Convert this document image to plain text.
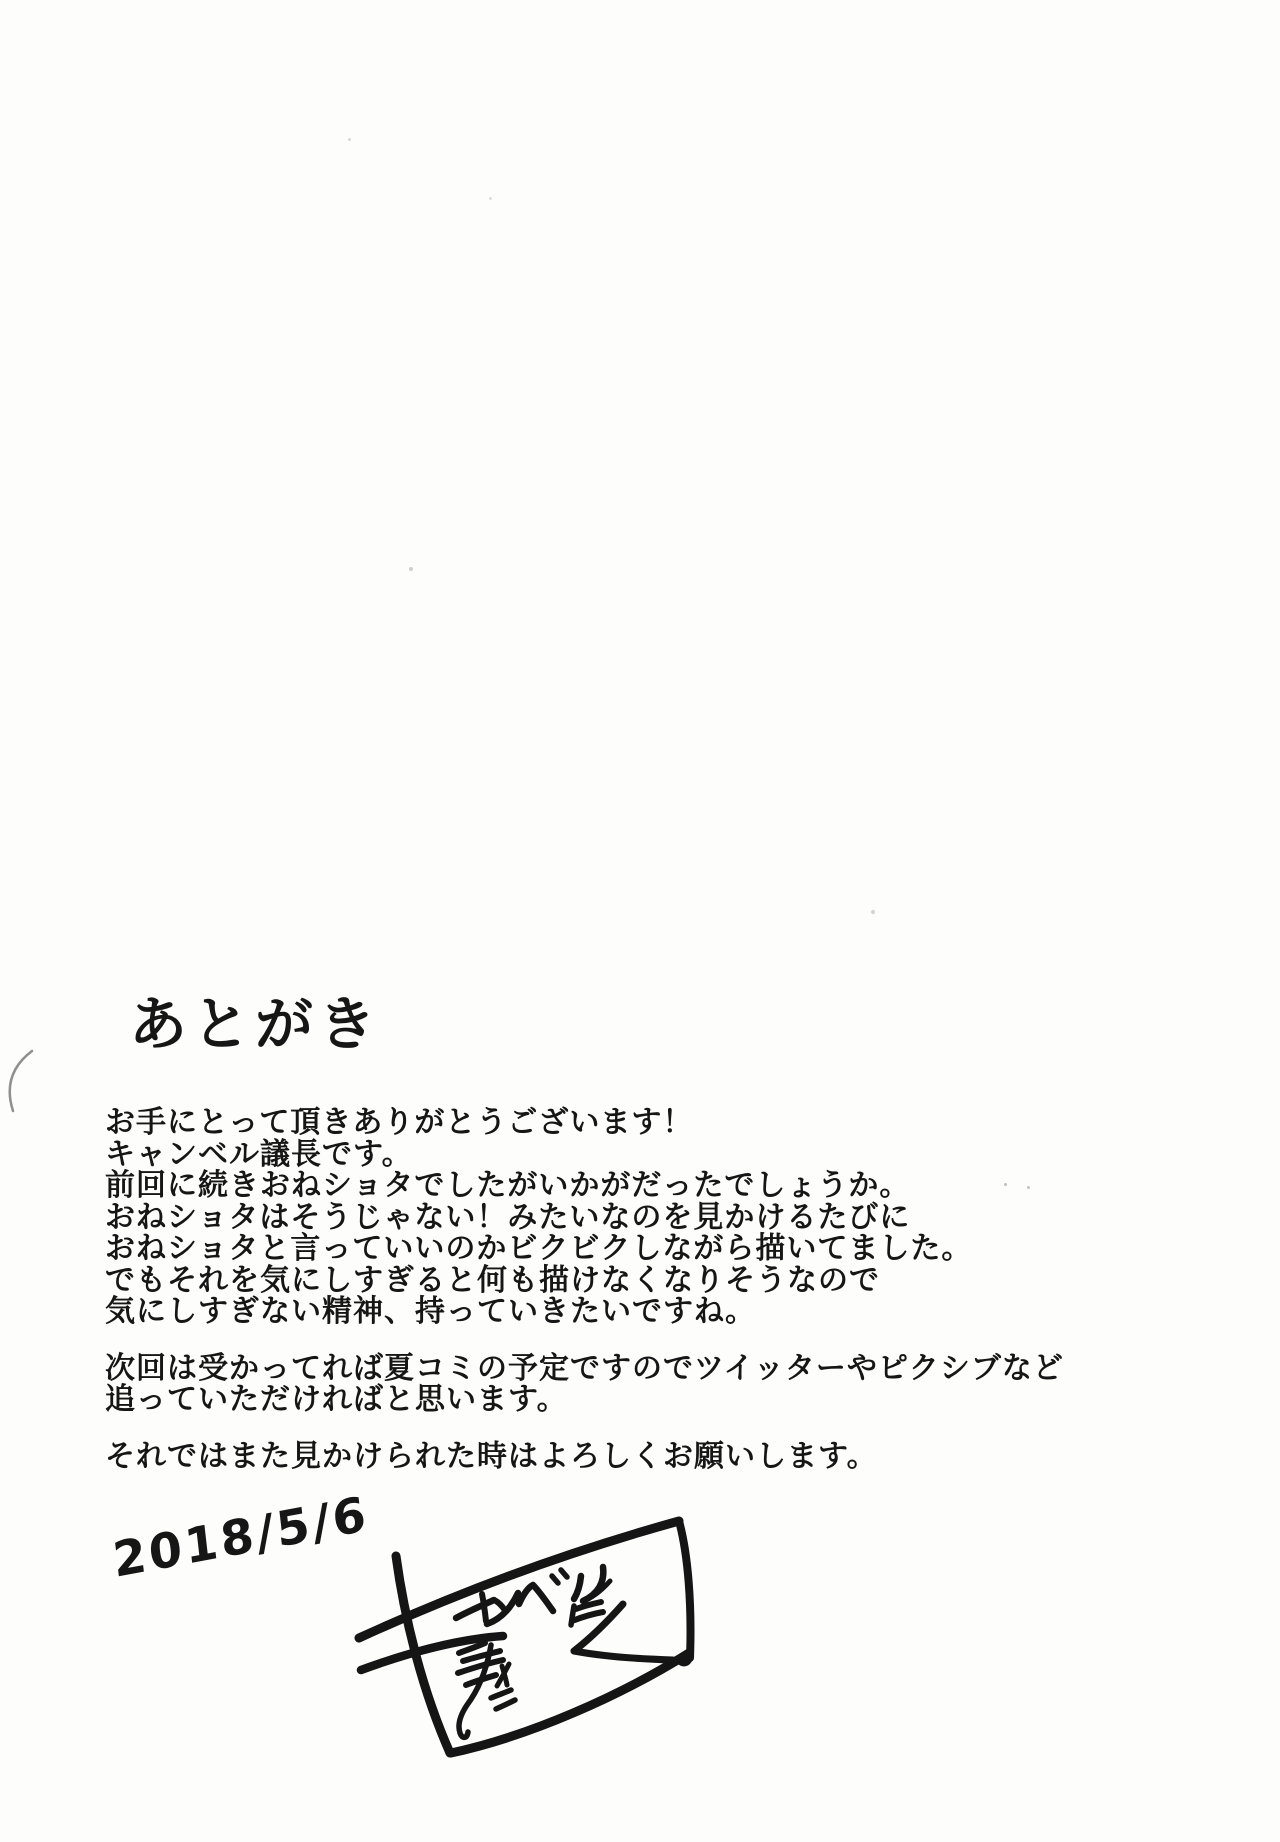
あとがき

お手にとって頂きありがとうございます！
キャンベル議長です。
前回に続きおねショタでしたがいかがだったでしょうか。
おねショタはそうじゃない！みたいなのを見かけるたびに
おねショタと言っていいのかビクビクしながら描いてました。
でもそれを気にしすぎると何も描けなくなりそうなので
気にしすぎない精神、持っていきたいですね。

次回は受かってれば夏コミの予定ですのでツイッターやピクシブなど
追っていただければと思います。

それではまた見かけられた時はよろしくお願いします。

2018/5/6
